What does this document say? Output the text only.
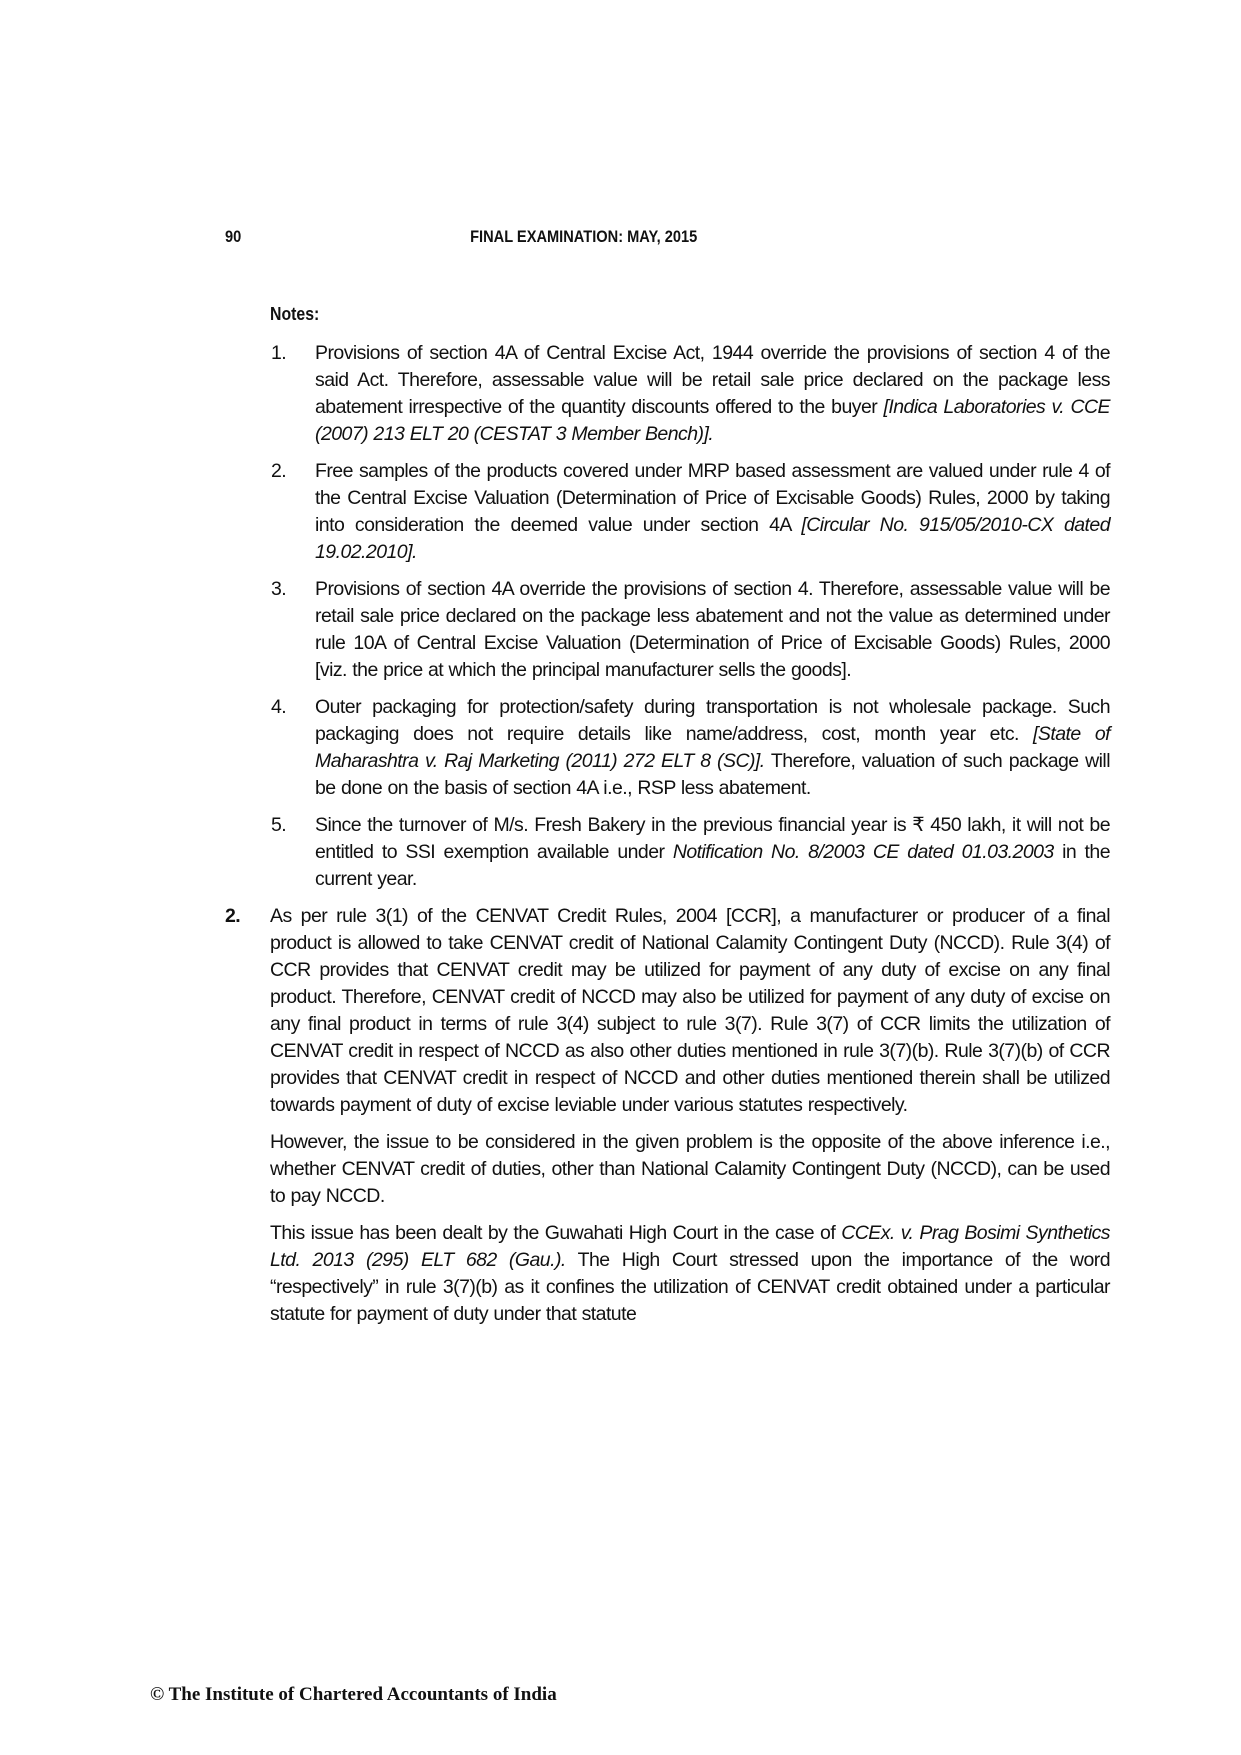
90	FINAL EXAMINATION: MAY, 2015
Notes:
1. Provisions of section 4A of Central Excise Act, 1944 override the provisions of section 4 of the said Act. Therefore, assessable value will be retail sale price declared on the package less abatement irrespective of the quantity discounts offered to the buyer [Indica Laboratories v. CCE (2007) 213 ELT 20 (CESTAT 3 Member Bench)].
2. Free samples of the products covered under MRP based assessment are valued under rule 4 of the Central Excise Valuation (Determination of Price of Excisable Goods) Rules, 2000 by taking into consideration the deemed value under section 4A [Circular No. 915/05/2010-CX dated 19.02.2010].
3. Provisions of section 4A override the provisions of section 4. Therefore, assessable value will be retail sale price declared on the package less abatement and not the value as determined under rule 10A of Central Excise Valuation (Determination of Price of Excisable Goods) Rules, 2000 [viz. the price at which the principal manufacturer sells the goods].
4. Outer packaging for protection/safety during transportation is not wholesale package. Such packaging does not require details like name/address, cost, month year etc. [State of Maharashtra v. Raj Marketing (2011) 272 ELT 8 (SC)]. Therefore, valuation of such package will be done on the basis of section 4A i.e., RSP less abatement.
5. Since the turnover of M/s. Fresh Bakery in the previous financial year is ₹ 450 lakh, it will not be entitled to SSI exemption available under Notification No. 8/2003 CE dated 01.03.2003 in the current year.
2. As per rule 3(1) of the CENVAT Credit Rules, 2004 [CCR], a manufacturer or producer of a final product is allowed to take CENVAT credit of National Calamity Contingent Duty (NCCD). Rule 3(4) of CCR provides that CENVAT credit may be utilized for payment of any duty of excise on any final product. Therefore, CENVAT credit of NCCD may also be utilized for payment of any duty of excise on any final product in terms of rule 3(4) subject to rule 3(7). Rule 3(7) of CCR limits the utilization of CENVAT credit in respect of NCCD as also other duties mentioned in rule 3(7)(b). Rule 3(7)(b) of CCR provides that CENVAT credit in respect of NCCD and other duties mentioned therein shall be utilized towards payment of duty of excise leviable under various statutes respectively.
However, the issue to be considered in the given problem is the opposite of the above inference i.e., whether CENVAT credit of duties, other than National Calamity Contingent Duty (NCCD), can be used to pay NCCD.
This issue has been dealt by the Guwahati High Court in the case of CCEx. v. Prag Bosimi Synthetics Ltd. 2013 (295) ELT 682 (Gau.). The High Court stressed upon the importance of the word “respectively” in rule 3(7)(b) as it confines the utilization of CENVAT credit obtained under a particular statute for payment of duty under that statute
© The Institute of Chartered Accountants of India
